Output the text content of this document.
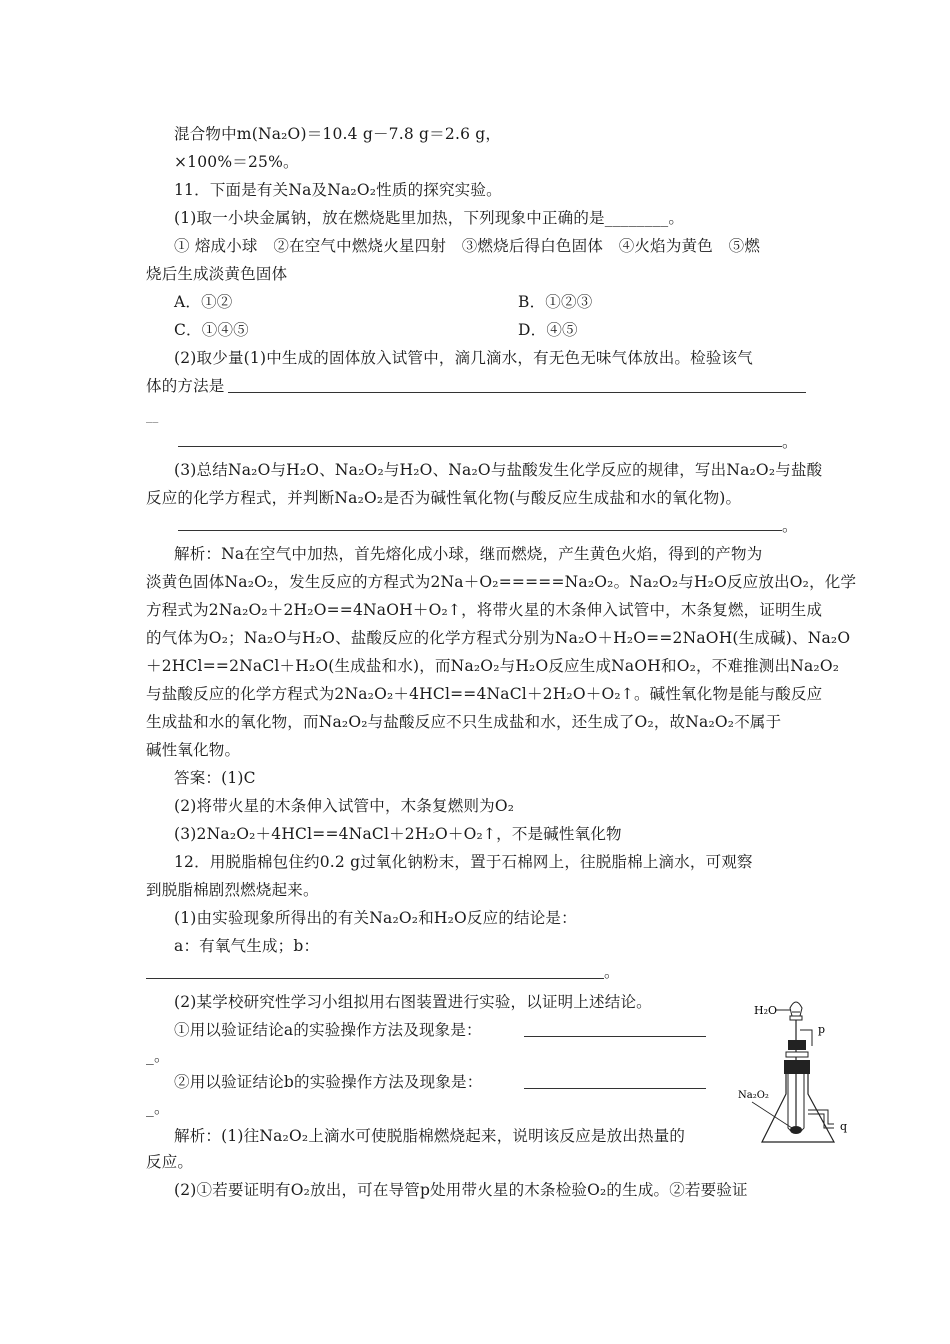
混合物中m(Na₂O)＝10.4 g－7.8 g＝2.6 g，
×100%＝25%。
11．下面是有关Na及Na₂O₂性质的探究实验。
(1)取一小块金属钠，放在燃烧匙里加热，下列现象中正确的是________。
① 熔成小球　②在空气中燃烧火星四射　③燃烧后得白色固体　④火焰为黄色　⑤燃
烧后生成淡黄色固体
A．①②	B．①②③
C．①④⑤	D．④⑤
(2)取少量(1)中生成的固体放入试管中，滴几滴水，有无色无味气体放出。检验该气
体的方法是
__
。
(3)总结Na₂O与H₂O、Na₂O₂与H₂O、Na₂O与盐酸发生化学反应的规律，写出Na₂O₂与盐酸
反应的化学方程式，并判断Na₂O₂是否为碱性氧化物(与酸反应生成盐和水的氧化物)。
。
解析：Na在空气中加热，首先熔化成小球，继而燃烧，产生黄色火焰，得到的产物为
淡黄色固体Na₂O₂，发生反应的方程式为2Na＋O₂=====Na₂O₂。Na₂O₂与H₂O反应放出O₂，化学
方程式为2Na₂O₂＋2H₂O==4NaOH＋O₂↑，将带火星的木条伸入试管中，木条复燃，证明生成
的气体为O₂；Na₂O与H₂O、盐酸反应的化学方程式分别为Na₂O＋H₂O==2NaOH(生成碱)、Na₂O
＋2HCl==2NaCl＋H₂O(生成盐和水)，而Na₂O₂与H₂O反应生成NaOH和O₂，不难推测出Na₂O₂
与盐酸反应的化学方程式为2Na₂O₂＋4HCl==4NaCl＋2H₂O＋O₂↑。碱性氧化物是能与酸反应
生成盐和水的氧化物，而Na₂O₂与盐酸反应不只生成盐和水，还生成了O₂，故Na₂O₂不属于
碱性氧化物。
答案：(1)C
(2)将带火星的木条伸入试管中，木条复燃则为O₂
(3)2Na₂O₂＋4HCl==4NaCl＋2H₂O＋O₂↑，不是碱性氧化物
12．用脱脂棉包住约0.2 g过氧化钠粉末，置于石棉网上，往脱脂棉上滴水，可观察
到脱脂棉剧烈燃烧起来。
(1)由实验现象所得出的有关Na₂O₂和H₂O反应的结论是：
a：有氧气生成；b：
。
(2)某学校研究性学习小组拟用右图装置进行实验，以证明上述结论。
①用以验证结论a的实验操作方法及现象是：
_。
②用以验证结论b的实验操作方法及现象是：
_。
解析：(1)往Na₂O₂上滴水可使脱脂棉燃烧起来，说明该反应是放出热量的
反应。
(2)①若要证明有O₂放出，可在导管p处用带火星的木条检验O₂的生成。②若要验证
H₂O
p
q
Na₂O₂
